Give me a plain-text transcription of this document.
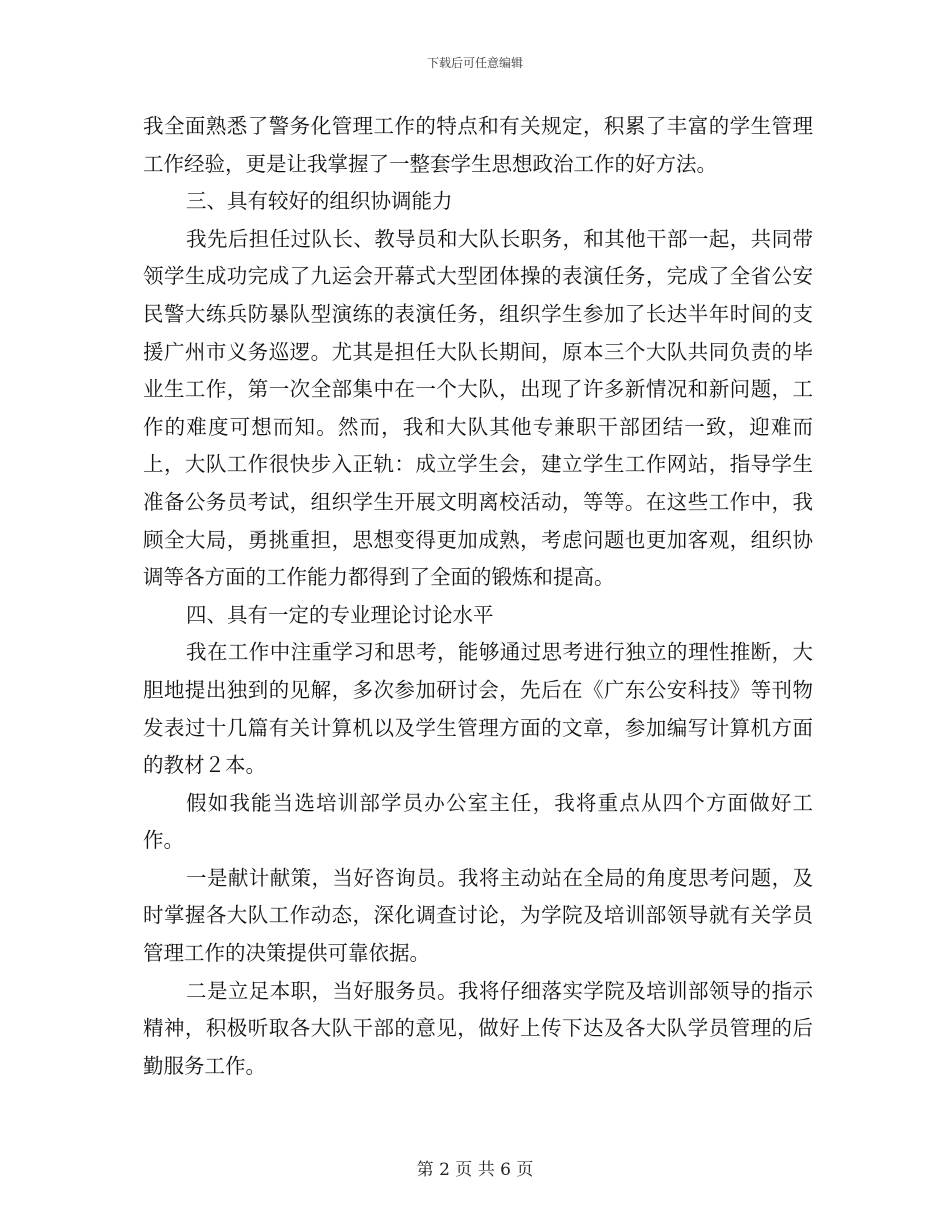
下载后可任意编辑

我全面熟悉了警务化管理工作的特点和有关规定，积累了丰富的学生管理工作经验，更是让我掌握了一整套学生思想政治工作的好方法。

三、具有较好的组织协调能力

我先后担任过队长、教导员和大队长职务，和其他干部一起，共同带领学生成功完成了九运会开幕式大型团体操的表演任务，完成了全省公安民警大练兵防暴队型演练的表演任务，组织学生参加了长达半年时间的支援广州市义务巡逻。尤其是担任大队长期间，原本三个大队共同负责的毕业生工作，第一次全部集中在一个大队，出现了许多新情况和新问题，工作的难度可想而知。然而，我和大队其他专兼职干部团结一致，迎难而上，大队工作很快步入正轨：成立学生会，建立学生工作网站，指导学生准备公务员考试，组织学生开展文明离校活动，等等。在这些工作中，我顾全大局，勇挑重担，思想变得更加成熟，考虑问题也更加客观，组织协调等各方面的工作能力都得到了全面的锻炼和提高。

四、具有一定的专业理论讨论水平

我在工作中注重学习和思考，能够通过思考进行独立的理性推断，大胆地提出独到的见解，多次参加研讨会，先后在《广东公安科技》等刊物发表过十几篇有关计算机以及学生管理方面的文章，参加编写计算机方面的教材２本。

假如我能当选培训部学员办公室主任，我将重点从四个方面做好工作。

一是献计献策，当好咨询员。我将主动站在全局的角度思考问题，及时掌握各大队工作动态，深化调查讨论，为学院及培训部领导就有关学员管理工作的决策提供可靠依据。

二是立足本职，当好服务员。我将仔细落实学院及培训部领导的指示精神，积极听取各大队干部的意见，做好上传下达及各大队学员管理的后勤服务工作。

第 2 页 共 6 页
